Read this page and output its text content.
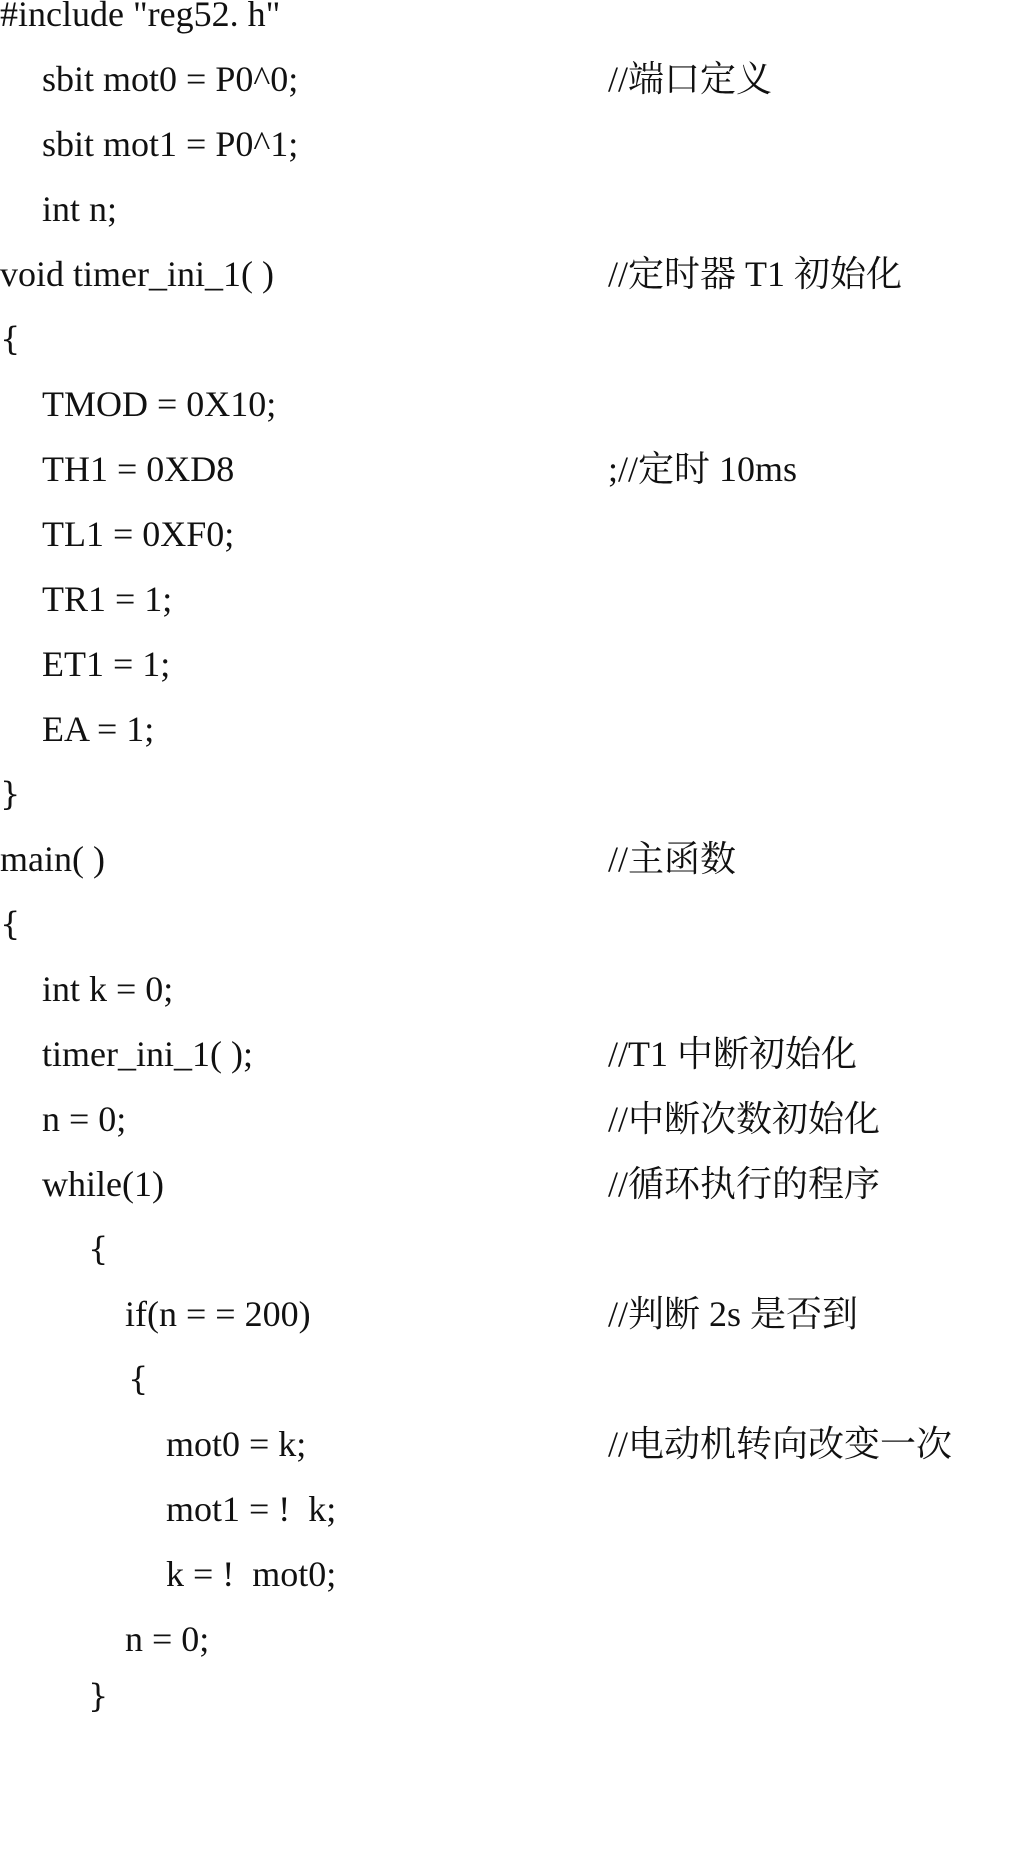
#include "reg52. h"

sbit mot0 = P0^0;

	//端口定义

sbit mot1 = P0^1;

int n;

void timer_ini_1( )

	//定时器 T1 初始化

{

TMOD = 0X10;

TH1 = 0XD8

	;//定时 10ms

TL1 = 0XF0;

TR1 = 1;

ET1 = 1;

EA = 1;

}

main( )

	//主函数

{

int k = 0;

timer_ini_1( );

	//T1 中断初始化

n = 0;

	//中断次数初始化

while(1)

	//循环执行的程序

{

if(n = = 200)

	//判断 2s 是否到

{

mot0 = k;

	//电动机转向改变一次

mot1 = !  k;

k = !  mot0;

n = 0;

}
